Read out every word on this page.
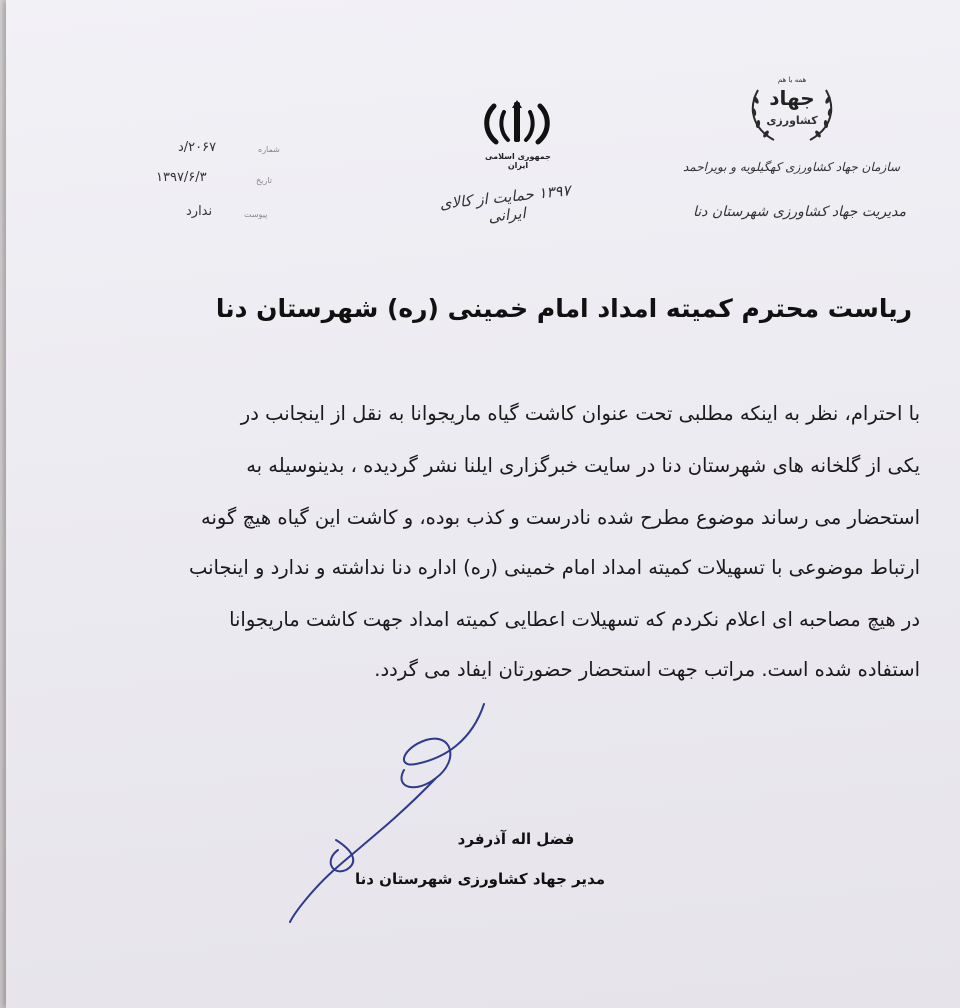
۲۰۶۷/د	شماره
۱۳۹۷/۶/۳	تاریخ
ندارد	پیوست
جمهوری اسلامی ایران
۱۳۹۷ حمایت از کالای ایرانی
همه با هم
جهاد
کشاورزی
سازمان جهاد کشاورزی کهگیلویه و بویراحمد
مدیریت جهاد کشاورزی شهرستان دنا
ریاست محترم کمیته امداد امام خمینی (ره) شهرستان دنا
با احترام، نظر به اینکه مطلبی تحت عنوان کاشت گیاه ماریجوانا به نقل از اینجانب در
یکی از گلخانه های شهرستان دنا در سایت خبرگزاری ایلنا نشر گردیده ، بدینوسیله به
استحضار می رساند موضوع مطرح شده نادرست و کذب بوده، و کاشت این گیاه هیچ گونه
ارتباط موضوعی با تسهیلات کمیته امداد امام خمینی (ره) اداره دنا نداشته و ندارد و اینجانب
در هیچ مصاحبه ای اعلام نکردم که تسهیلات اعطایی کمیته امداد جهت کاشت ماریجوانا
استفاده شده است. مراتب جهت استحضار حضورتان ایفاد می گردد.
فضل اله آذرفرد
مدیر جهاد کشاورزی شهرستان دنا
